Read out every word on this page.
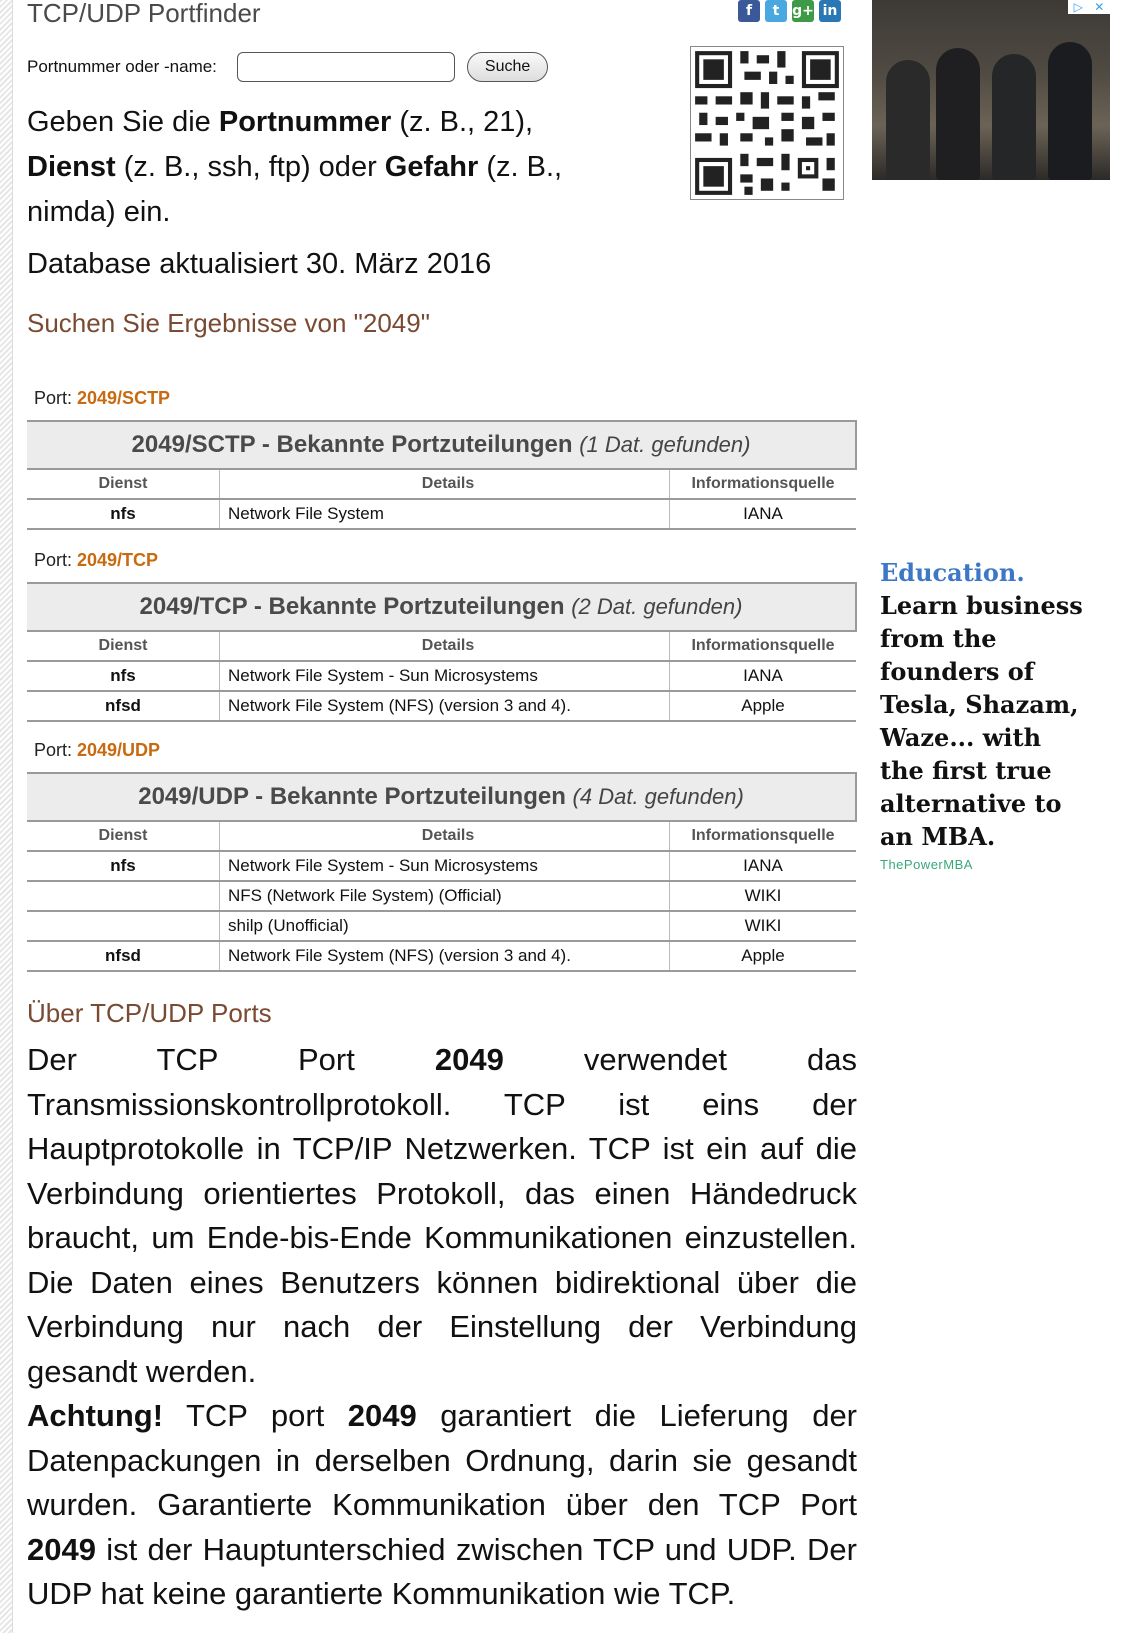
TCP/UDP Portfinder	f	t g+ in	▷ ✕
Portnummer oder -name:	Suche
Geben Sie die Portnummer (z. B., 21), Dienst (z. B., ssh, ftp) oder Gefahr (z. B., nimda) ein.
Database aktualisiert 30. März 2016
Suchen Sie Ergebnisse von "2049"
Port: 2049/SCTP
2049/SCTP - Bekannte Portzuteilungen (1 Dat. gefunden)		
Dienst	Details	Informationsquelle
nfs	Network File System	IANA
Port: 2049/TCP
2049/TCP - Bekannte Portzuteilungen (2 Dat. gefunden)		
Dienst	Details	Informationsquelle
nfs	Network File System - Sun Microsystems	IANA
nfsd	Network File System (NFS) (version 3 and 4).	Apple
Port: 2049/UDP
2049/UDP - Bekannte Portzuteilungen (4 Dat. gefunden)		
Dienst	Details	Informationsquelle
nfs	Network File System - Sun Microsystems	IANA
	NFS (Network File System) (Official)	WIKI
	shilp (Unofficial)	WIKI
nfsd	Network File System (NFS) (version 3 and 4).	Apple
Education. Learn business from the founders of Tesla, Shazam, Waze... with the first true alternative to an MBA.
ThePowerMBA
Über TCP/UDP Ports

Der TCP Port 2049 verwendet das Transmissionskontrollprotokoll. TCP ist eins der Hauptprotokolle in TCP/IP Netzwerken. TCP ist ein auf die Verbindung orientiertes Protokoll, das einen Händedruck braucht, um Ende-bis-Ende Kommunikationen einzustellen. Die Daten eines Benutzers können bidirektional über die Verbindung nur nach der Einstellung der Verbindung gesandt werden.

Achtung! TCP port 2049 garantiert die Lieferung der Datenpackungen in derselben Ordnung, darin sie gesandt wurden. Garantierte Kommunikation über den TCP Port 2049 ist der Hauptunterschied zwischen TCP und UDP. Der UDP hat keine garantierte Kommunikation wie TCP.
